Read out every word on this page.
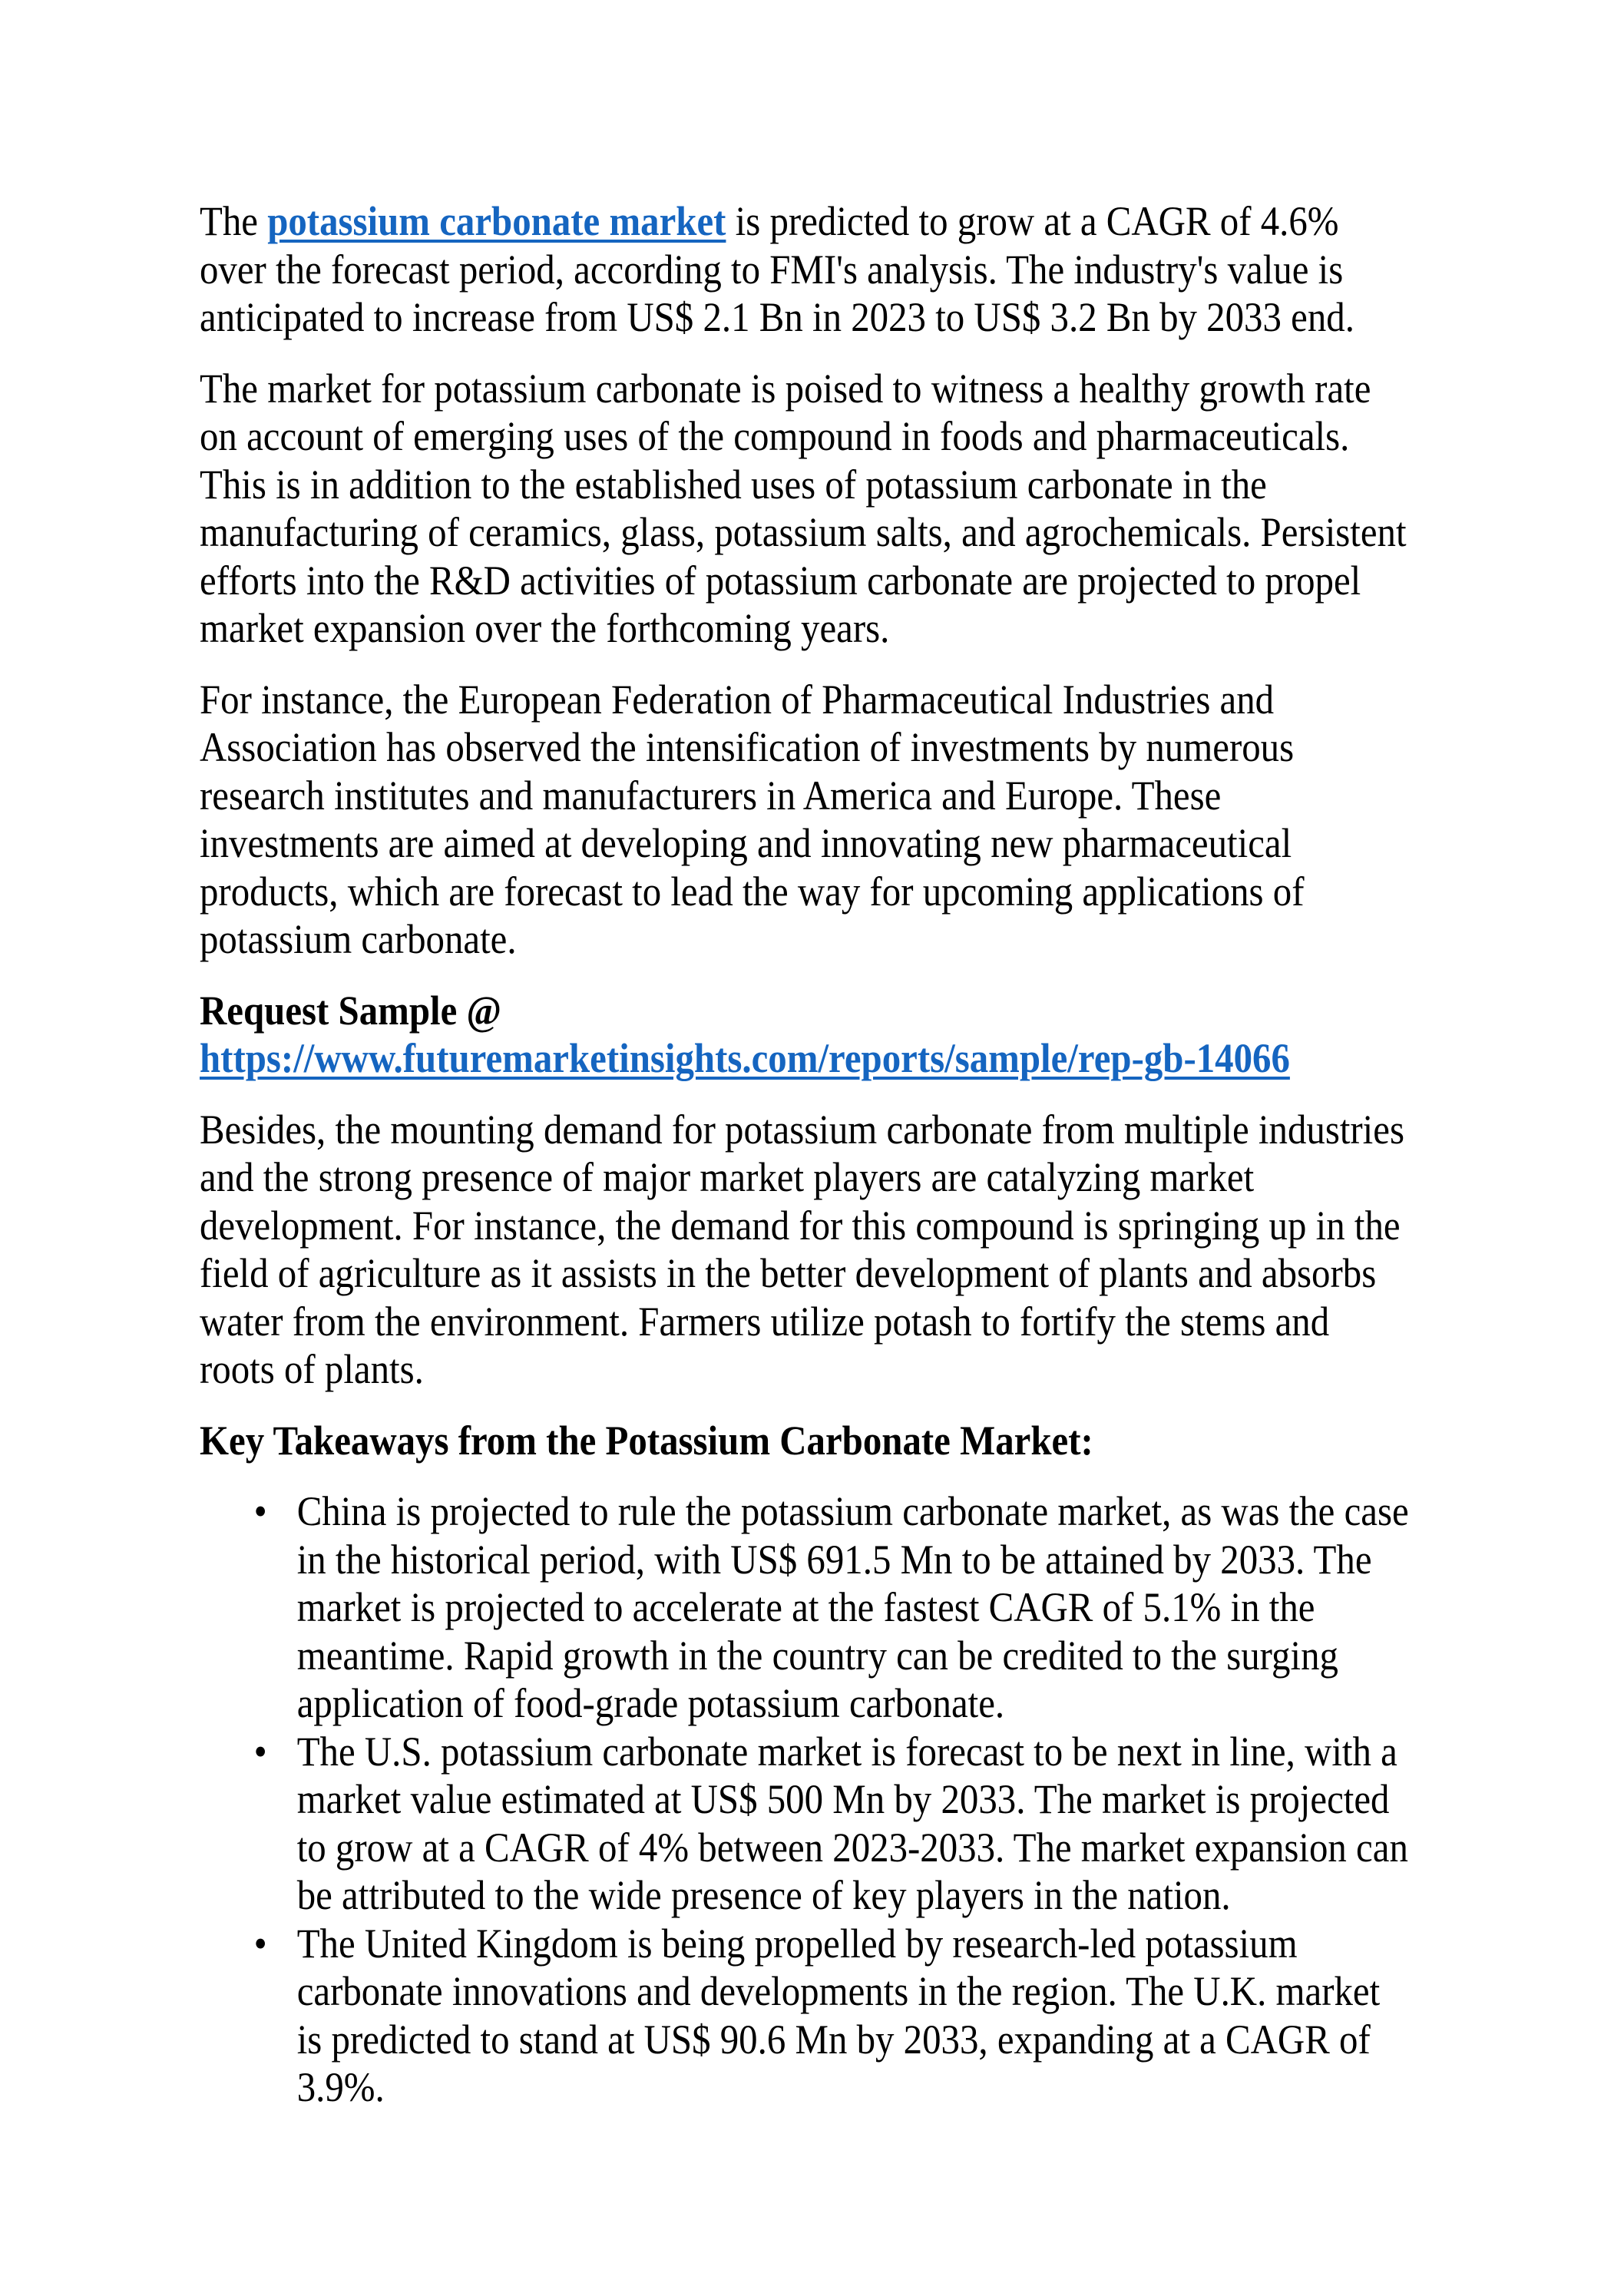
The potassium carbonate market is predicted to grow at a CAGR of 4.6%
over the forecast period, according to FMI's analysis. The industry's value is
anticipated to increase from US$ 2.1 Bn in 2023 to US$ 3.2 Bn by 2033 end.
The market for potassium carbonate is poised to witness a healthy growth rate
on account of emerging uses of the compound in foods and pharmaceuticals.
This is in addition to the established uses of potassium carbonate in the
manufacturing of ceramics, glass, potassium salts, and agrochemicals. Persistent
efforts into the R&D activities of potassium carbonate are projected to propel
market expansion over the forthcoming years.
For instance, the European Federation of Pharmaceutical Industries and
Association has observed the intensification of investments by numerous
research institutes and manufacturers in America and Europe. These
investments are aimed at developing and innovating new pharmaceutical
products, which are forecast to lead the way for upcoming applications of
potassium carbonate.
Request Sample @
https://www.futuremarketinsights.com/reports/sample/rep-gb-14066
Besides, the mounting demand for potassium carbonate from multiple industries
and the strong presence of major market players are catalyzing market
development. For instance, the demand for this compound is springing up in the
field of agriculture as it assists in the better development of plants and absorbs
water from the environment. Farmers utilize potash to fortify the stems and
roots of plants.
Key Takeaways from the Potassium Carbonate Market:
• China is projected to rule the potassium carbonate market, as was the case
in the historical period, with US$ 691.5 Mn to be attained by 2033. The
market is projected to accelerate at the fastest CAGR of 5.1% in the
meantime. Rapid growth in the country can be credited to the surging
application of food-grade potassium carbonate.
• The U.S. potassium carbonate market is forecast to be next in line, with a
market value estimated at US$ 500 Mn by 2033. The market is projected
to grow at a CAGR of 4% between 2023-2033. The market expansion can
be attributed to the wide presence of key players in the nation.
• The United Kingdom is being propelled by research-led potassium
carbonate innovations and developments in the region. The U.K. market
is predicted to stand at US$ 90.6 Mn by 2033, expanding at a CAGR of
3.9%.
